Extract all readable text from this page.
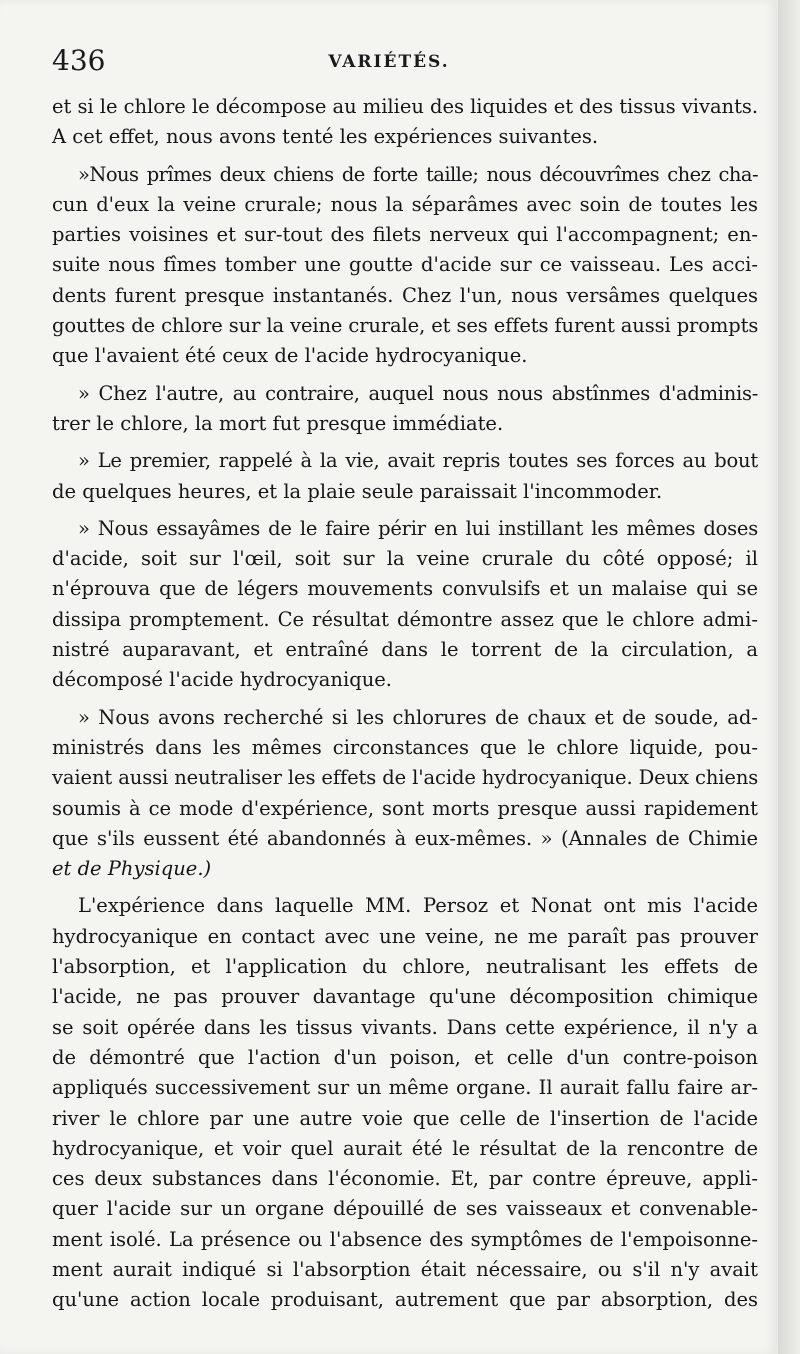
436	VARIÉTÉS.
et si le chlore le décompose au milieu des liquides et des tissus vivants.
A cet effet, nous avons tenté les expériences suivantes.
»Nous prîmes deux chiens de forte taille; nous découvrîmes chez cha-
cun d'eux la veine crurale; nous la séparâmes avec soin de toutes les
parties voisines et sur-tout des filets nerveux qui l'accompagnent; en-
suite nous fîmes tomber une goutte d'acide sur ce vaisseau. Les acci-
dents furent presque instantanés. Chez l'un, nous versâmes quelques
gouttes de chlore sur la veine crurale, et ses effets furent aussi prompts
que l'avaient été ceux de l'acide hydrocyanique.
» Chez l'autre, au contraire, auquel nous nous abstînmes d'adminis-
trer le chlore, la mort fut presque immédiate.
» Le premier, rappelé à la vie, avait repris toutes ses forces au bout
de quelques heures, et la plaie seule paraissait l'incommoder.
» Nous essayâmes de le faire périr en lui instillant les mêmes doses
d'acide, soit sur l'œil, soit sur la veine crurale du côté opposé; il
n'éprouva que de légers mouvements convulsifs et un malaise qui se
dissipa promptement. Ce résultat démontre assez que le chlore admi-
nistré auparavant, et entraîné dans le torrent de la circulation, a
décomposé l'acide hydrocyanique.
» Nous avons recherché si les chlorures de chaux et de soude, ad-
ministrés dans les mêmes circonstances que le chlore liquide, pou-
vaient aussi neutraliser les effets de l'acide hydrocyanique. Deux chiens
soumis à ce mode d'expérience, sont morts presque aussi rapidement
que s'ils eussent été abandonnés à eux-mêmes. » (Annales de Chimie
et de Physique.)
L'expérience dans laquelle MM. Persoz et Nonat ont mis l'acide
hydrocyanique en contact avec une veine, ne me paraît pas prouver
l'absorption, et l'application du chlore, neutralisant les effets de
l'acide, ne pas prouver davantage qu'une décomposition chimique
se soit opérée dans les tissus vivants. Dans cette expérience, il n'y a
de démontré que l'action d'un poison, et celle d'un contre-poison
appliqués successivement sur un même organe. Il aurait fallu faire ar-
river le chlore par une autre voie que celle de l'insertion de l'acide
hydrocyanique, et voir quel aurait été le résultat de la rencontre de
ces deux substances dans l'économie. Et, par contre épreuve, appli-
quer l'acide sur un organe dépouillé de ses vaisseaux et convenable-
ment isolé. La présence ou l'absence des symptômes de l'empoisonne-
ment aurait indiqué si l'absorption était nécessaire, ou s'il n'y avait
qu'une action locale produisant, autrement que par absorption, des
